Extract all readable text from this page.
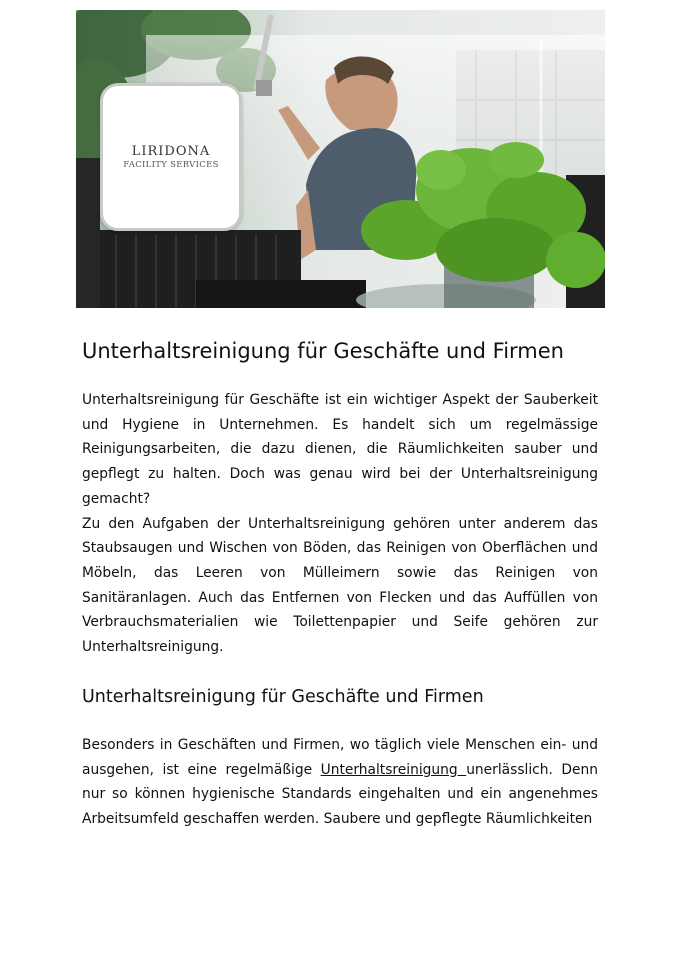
LIRIDONA
FACILITY SERVICES
Unterhaltsreinigung für Geschäfte und Firmen

Unterhaltsreinigung für Geschäfte ist ein wichtiger Aspekt der Sauberkeit und Hygiene in Unternehmen. Es handelt sich um regelmässige Reinigungsarbeiten, die dazu dienen, die Räumlichkeiten sauber und gepflegt zu halten. Doch was genau wird bei der Unterhaltsreinigung gemacht?
Zu den Aufgaben der Unterhaltsreinigung gehören unter anderem das Staubsaugen und Wischen von Böden, das Reinigen von Oberflächen und Möbeln, das Leeren von Mülleimern sowie das Reinigen von Sanitäranlagen. Auch das Entfernen von Flecken und das Auffüllen von Verbrauchsmaterialien wie Toilettenpapier und Seife gehören zur Unterhaltsreinigung.

Unterhaltsreinigung für Geschäfte und Firmen

Besonders in Geschäften und Firmen, wo täglich viele Menschen ein- und ausgehen, ist eine regelmäßige Unterhaltsreinigung unerlässlich. Denn nur so können hygienische Standards eingehalten und ein angenehmes Arbeitsumfeld geschaffen werden. Saubere und gepflegte Räumlichkeiten
